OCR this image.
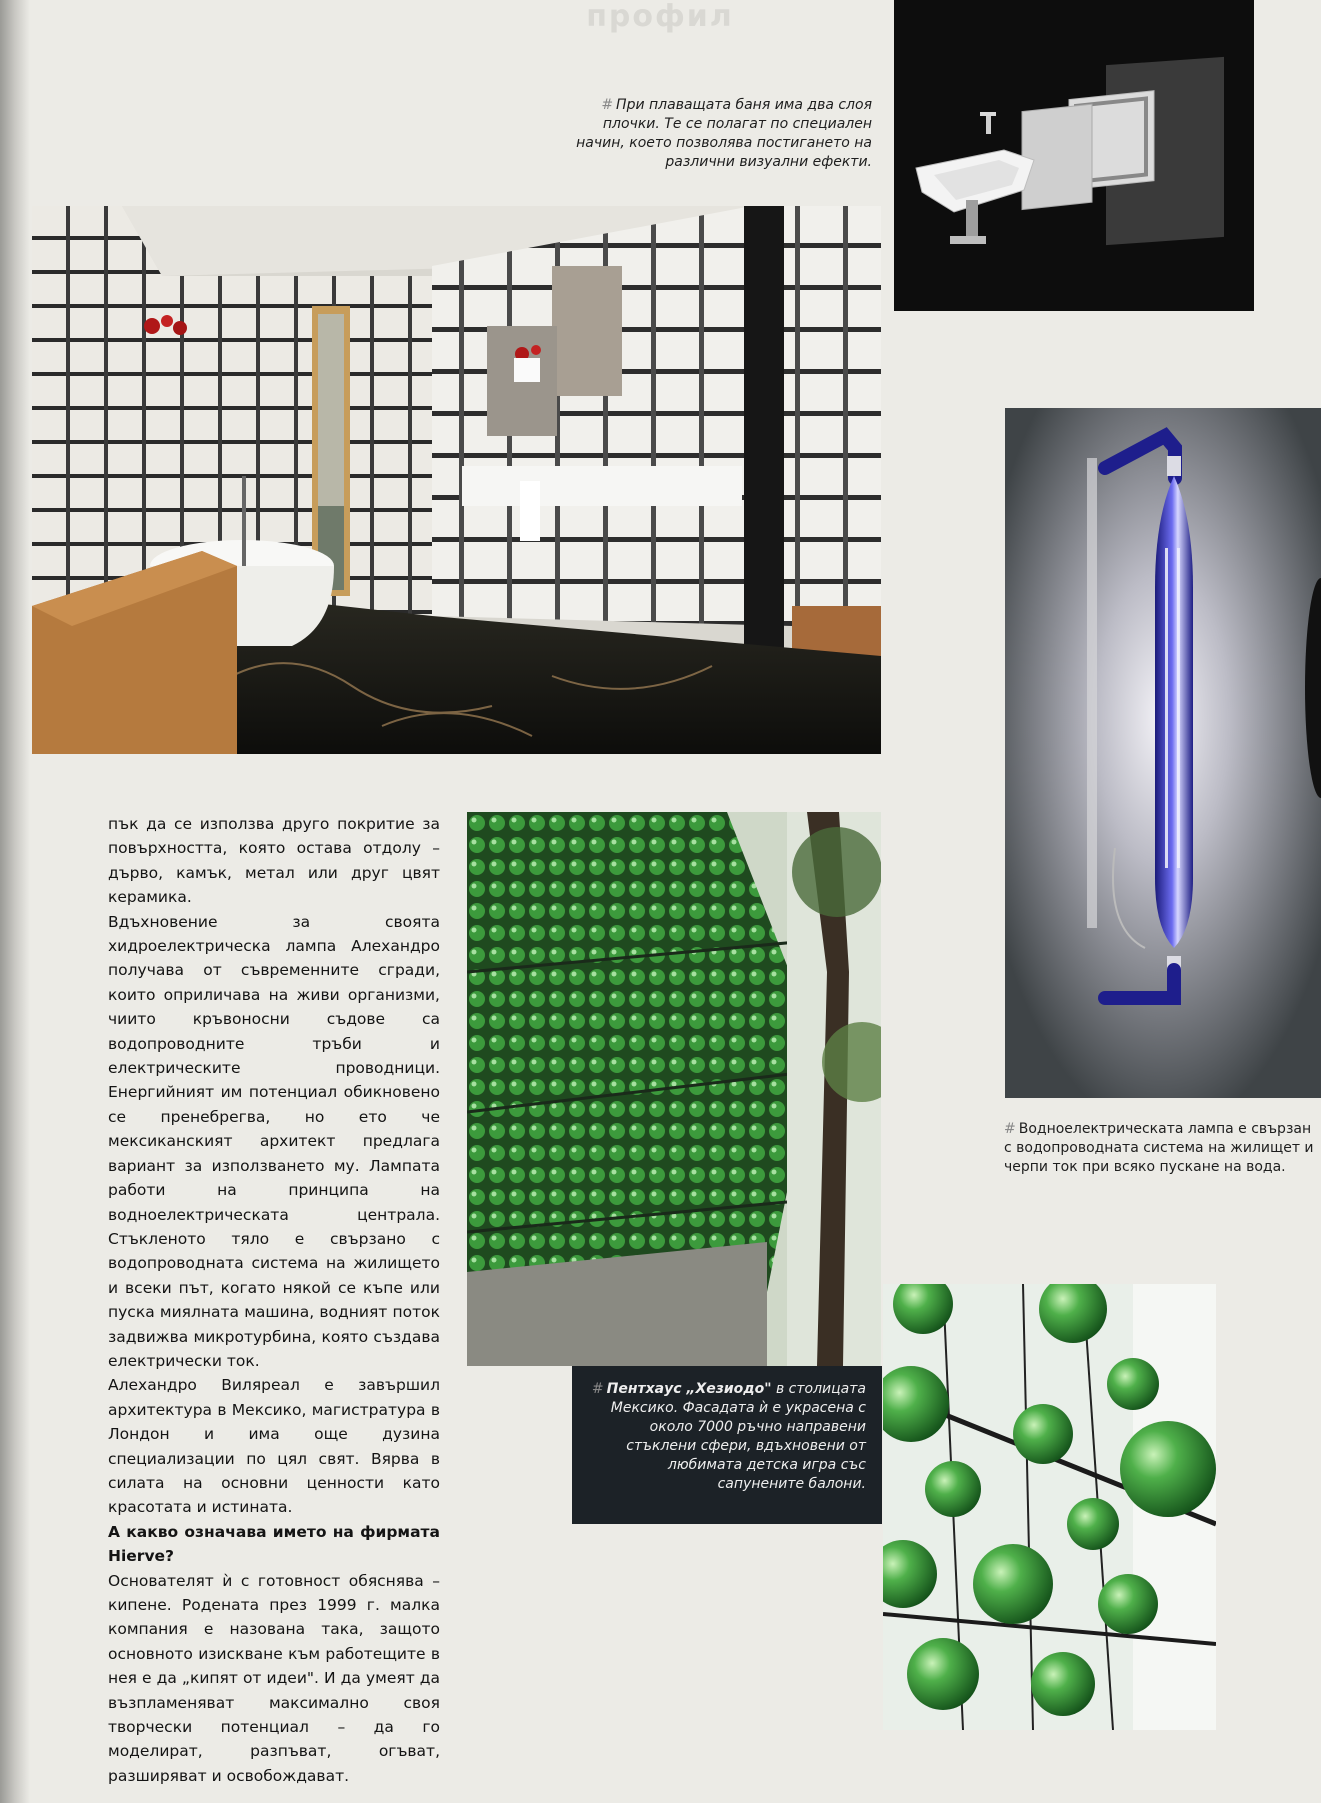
профил
# При плаващата баня има два слоя плочки. Те се полагат по специален начин, което позволява постигането на различни визуални ефекти.
# Водноелектрическата лампа е свързан с водопроводната система на жилищет и черпи ток при всяко пускане на вода.
# Пентхаус „Хезиодо" в столицата Мексико. Фасадата ѝ е украсена с около 7000 ръчно направени стъклени сфери, вдъхновени от любимата детска игра със сапунените балони.

пък да се използва друго покритие за повърхността, която остава отдолу – дърво, камък, метал или друг цвят керамика.

Вдъхновение за своята хидроелектрическа лампа Алехандро получава от съвременните сгради, които оприличава на живи организми, чиито кръвоносни съдове са водопроводните тръби и електрическите проводници. Енергийният им потенциал обикновено се пренебрегва, но ето че мексиканският архитект предлага вариант за използването му. Лампата работи на принципа на водноелектрическата централа. Стъкленото тяло е свързано с водопроводната система на жилището и всеки път, когато някой се къпе или пуска миялната машина, водният поток задвижва микротурбина, която създава електрически ток.

Алехандро Вилярeал е завършил архитектура в Мексико, магистратура в Лондон и има още дузина специализации по цял свят. Вярва в силата на основни ценности като красотата и истината.

А какво означава името на фирмата Hierve?

Основателят ѝ с готовност обяснява – кипене. Родената през 1999 г. малка компания е назована така, защото основното изискване към работещите в нея е да „кипят от идеи". И да умеят да възпламеняват максимално своя творчески потенциал – да го моделират, разпъват, огъват, разширяват и освобождават.
